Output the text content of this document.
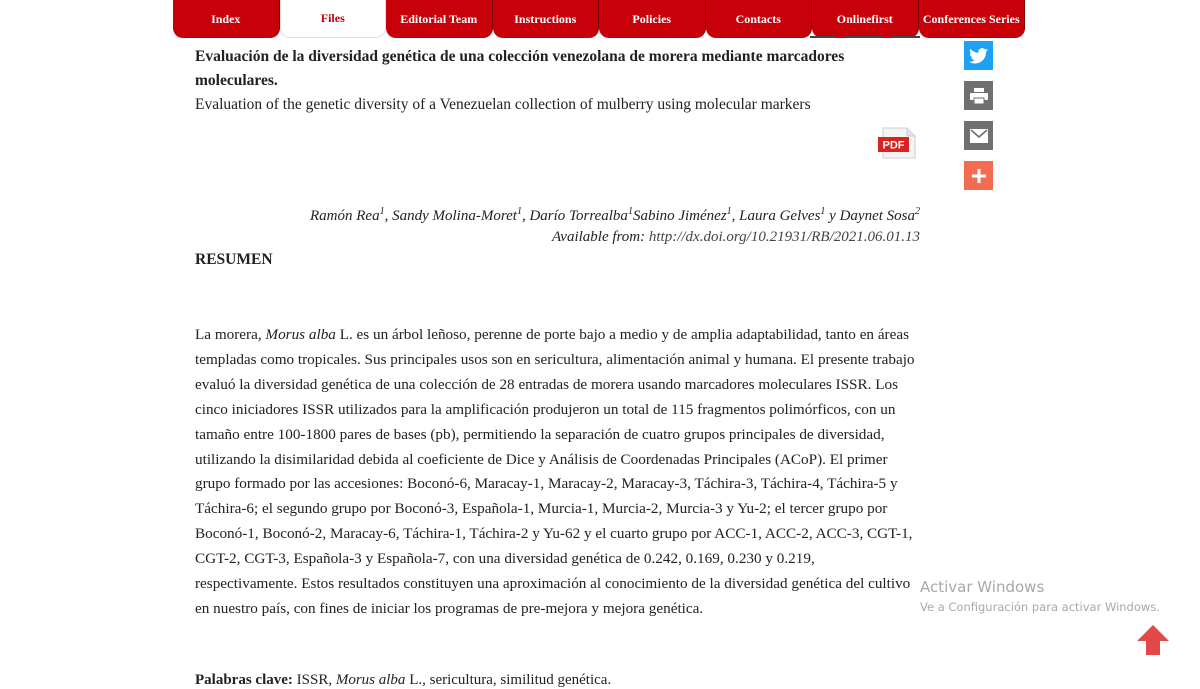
Index	Files	Editorial Team	Instructions	Policies	Contacts	Onlinefirst	Conferences Series

Evaluación de la diversidad genética de una colección venezolana de morera mediante marcadores moleculares.

Evaluation of the genetic diversity of a Venezuelan collection of mulberry using molecular markers

PDF
Ramón Rea$^1$, Sandy Molina-Moret$^1$, Darío Torrealba$^1$Sabino Jiménez$^1$, Laura Gelves$^1$ y Daynet Sosa$^2$
Available from: http://dx.doi.org/10.21931/RB/2021.06.01.13
RESUMEN
La morera, Morus alba L. es un árbol leñoso, perenne de porte bajo a medio y de amplia adaptabilidad, tanto en áreas templadas como tropicales. Sus principales usos son en sericultura, alimentación animal y humana. El presente trabajo evaluó la diversidad genética de una colección de 28 entradas de morera usando marcadores moleculares ISSR. Los cinco iniciadores ISSR utilizados para la amplificación produjeron un total de 115 fragmentos polimórficos, con un tamaño entre 100-1800 pares de bases (pb), permitiendo la separación de cuatro grupos principales de diversidad, utilizando la disimilaridad debida al coeficiente de Dice y Análisis de Coordenadas Principales (ACoP). El primer grupo formado por las accesiones: Boconó-6, Maracay-1, Maracay-2, Maracay-3, Táchira-3, Táchira-4, Táchira-5 y Táchira-6; el segundo grupo por Boconó-3, Española-1, Murcia-1, Murcia-2, Murcia-3 y Yu-2; el tercer grupo por Boconó-1, Boconó-2, Maracay-6, Táchira-1, Táchira-2 y Yu-62 y el cuarto grupo por ACC-1, ACC-2, ACC-3, CGT-1, CGT-2, CGT-3, Española-3 y Española-7, con una diversidad genética de 0.242, 0.169, 0.230 y 0.219, respectivamente. Estos resultados constituyen una aproximación al conocimiento de la diversidad genética del cultivo en nuestro país, con fines de iniciar los programas de pre-mejora y mejora genética.
Palabras clave: ISSR, Morus alba L., sericultura, similitud genética.
Activar Windows
Ve a Configuración para activar Windows.
